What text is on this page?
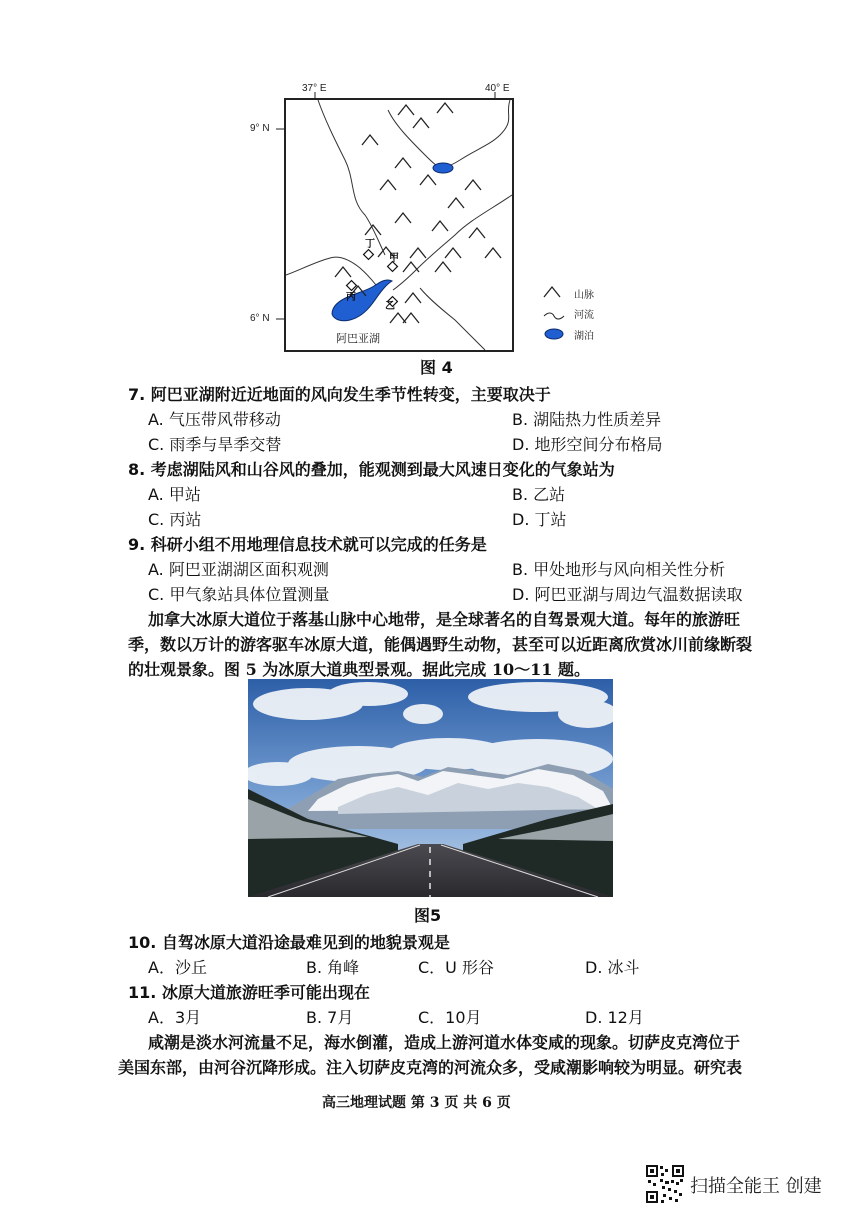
37° E	40° E
9° N
6° N
甲
乙
丙
丁
阿巴亚湖
山脉
河流
湖泊
图 4
7. 阿巴亚湖附近近地面的风向发生季节性转变，主要取决于
A. 气压带风带移动	B. 湖陆热力性质差异
C. 雨季与旱季交替	D. 地形空间分布格局
8. 考虑湖陆风和山谷风的叠加，能观测到最大风速日变化的气象站为
A. 甲站	B. 乙站
C. 丙站	D. 丁站
9. 科研小组不用地理信息技术就可以完成的任务是
A. 阿巴亚湖湖区面积观测	B. 甲处地形与风向相关性分析
C. 甲气象站具体位置测量	D. 阿巴亚湖与周边气温数据读取
加拿大冰原大道位于落基山脉中心地带，是全球著名的自驾景观大道。每年的旅游旺
季，数以万计的游客驱车冰原大道，能偶遇野生动物，甚至可以近距离欣赏冰川前缘断裂
的壮观景象。图 5 为冰原大道典型景观。据此完成 10～11 题。
图5
10. 自驾冰原大道沿途最难见到的地貌景观是
A．沙丘	B. 角峰	C．U 形谷	D. 冰斗
11. 冰原大道旅游旺季可能出现在
A．3月	B. 7月	C．10月	D. 12月
咸潮是淡水河流量不足，海水倒灌，造成上游河道水体变咸的现象。切萨皮克湾位于
美国东部，由河谷沉降形成。注入切萨皮克湾的河流众多，受咸潮影响较为明显。研究表
高三地理试题 第 3 页 共 6 页
扫描全能王 创建
